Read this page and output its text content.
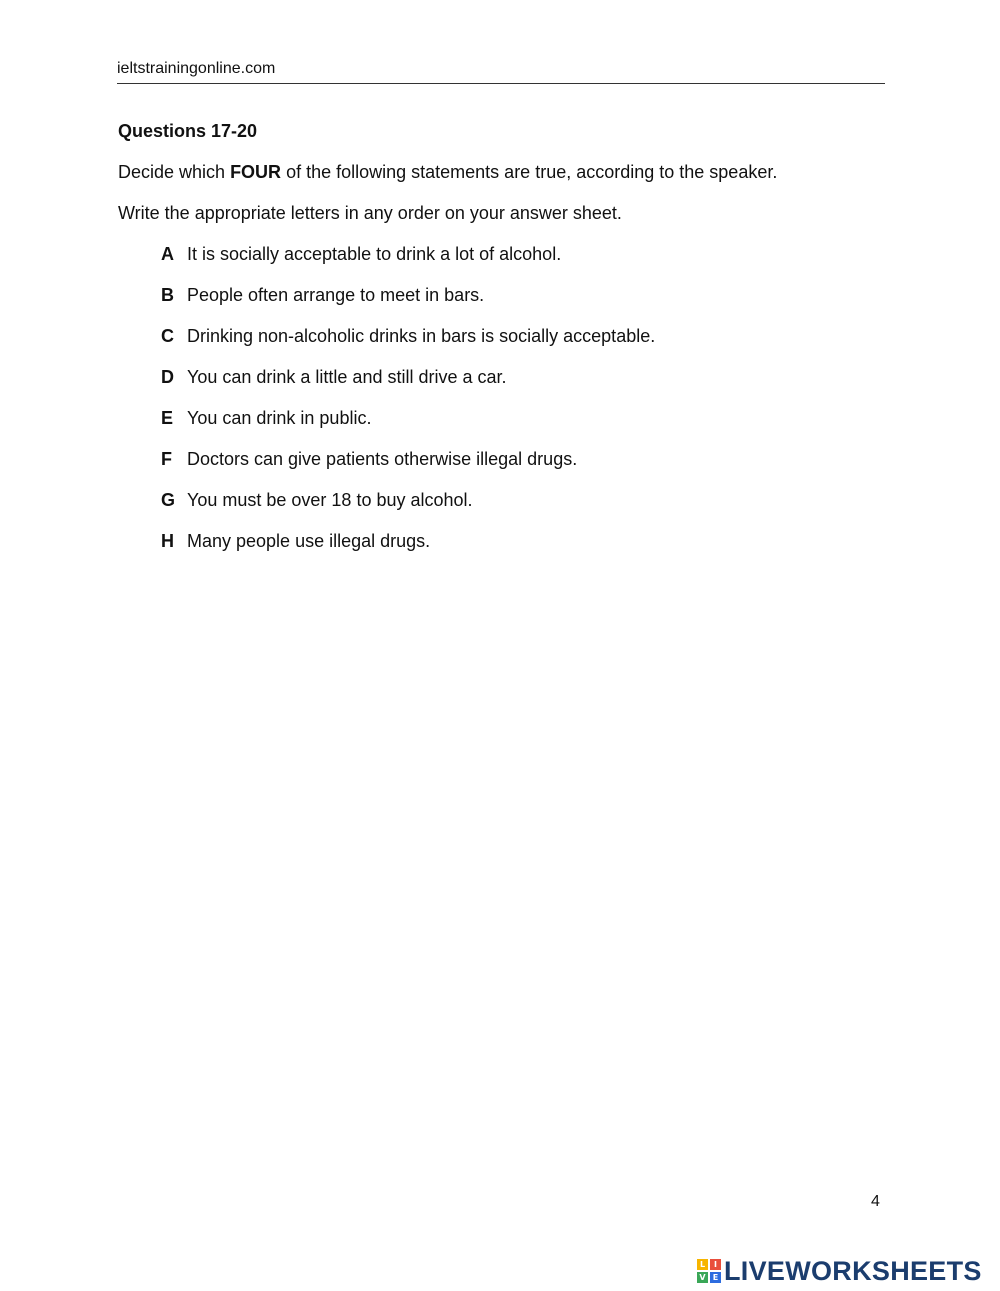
ieltstrainingonline.com
Questions 17-20
Decide which FOUR of the following statements are true, according to the speaker.
Write the appropriate letters in any order on your answer sheet.
A It is socially acceptable to drink a lot of alcohol.
B People often arrange to meet in bars.
C Drinking non-alcoholic drinks in bars is socially acceptable.
D You can drink a little and still drive a car.
E You can drink in public.
F Doctors can give patients otherwise illegal drugs.
G You must be over 18 to buy alcohol.
H Many people use illegal drugs.
4
L	I
V E LIVEWORKSHEETS
